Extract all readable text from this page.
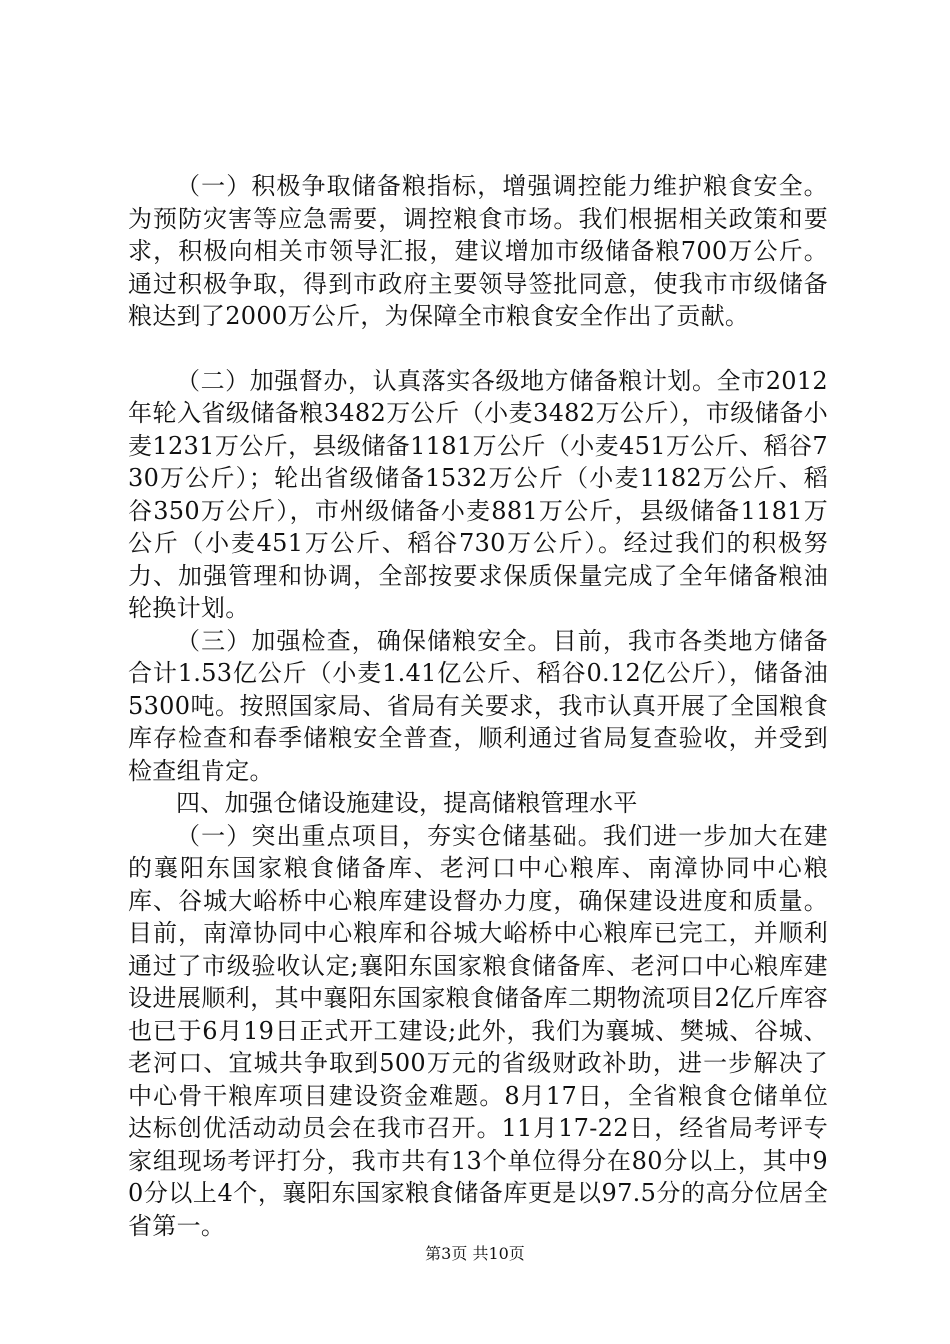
（一）积极争取储备粮指标，增强调控能力维护粮食安全。为预防灾害等应急需要，调控粮食市场。我们根据相关政策和要求，积极向相关市领导汇报，建议增加市级储备粮700万公斤。通过积极争取，得到市政府主要领导签批同意，使我市市级储备粮达到了2000万公斤，为保障全市粮食安全作出了贡献。

（二）加强督办，认真落实各级地方储备粮计划。全市2012年轮入省级储备粮3482万公斤（小麦3482万公斤），市级储备小麦1231万公斤，县级储备1181万公斤（小麦451万公斤、稻谷730万公斤）；轮出省级储备1532万公斤（小麦1182万公斤、稻谷350万公斤），市州级储备小麦881万公斤，县级储备1181万公斤（小麦451万公斤、稻谷730万公斤）。经过我们的积极努力、加强管理和协调，全部按要求保质保量完成了全年储备粮油轮换计划。

（三）加强检查，确保储粮安全。目前，我市各类地方储备合计1.53亿公斤（小麦1.41亿公斤、稻谷0.12亿公斤），储备油5300吨。按照国家局、省局有关要求，我市认真开展了全国粮食库存检查和春季储粮安全普查，顺利通过省局复查验收，并受到检查组肯定。

四、加强仓储设施建设，提高储粮管理水平

（一）突出重点项目，夯实仓储基础。我们进一步加大在建的襄阳东国家粮食储备库、老河口中心粮库、南漳协同中心粮库、谷城大峪桥中心粮库建设督办力度，确保建设进度和质量。目前，南漳协同中心粮库和谷城大峪桥中心粮库已完工，并顺利通过了市级验收认定;襄阳东国家粮食储备库、老河口中心粮库建设进展顺利，其中襄阳东国家粮食储备库二期物流项目2亿斤库容也已于6月19日正式开工建设;此外，我们为襄城、樊城、谷城、老河口、宜城共争取到500万元的省级财政补助，进一步解决了中心骨干粮库项目建设资金难题。8月17日，全省粮食仓储单位达标创优活动动员会在我市召开。11月17-22日，经省局考评专家组现场考评打分，我市共有13个单位得分在80分以上，其中90分以上4个，襄阳东国家粮食储备库更是以97.5分的高分位居全省第一。

第3页 共10页
